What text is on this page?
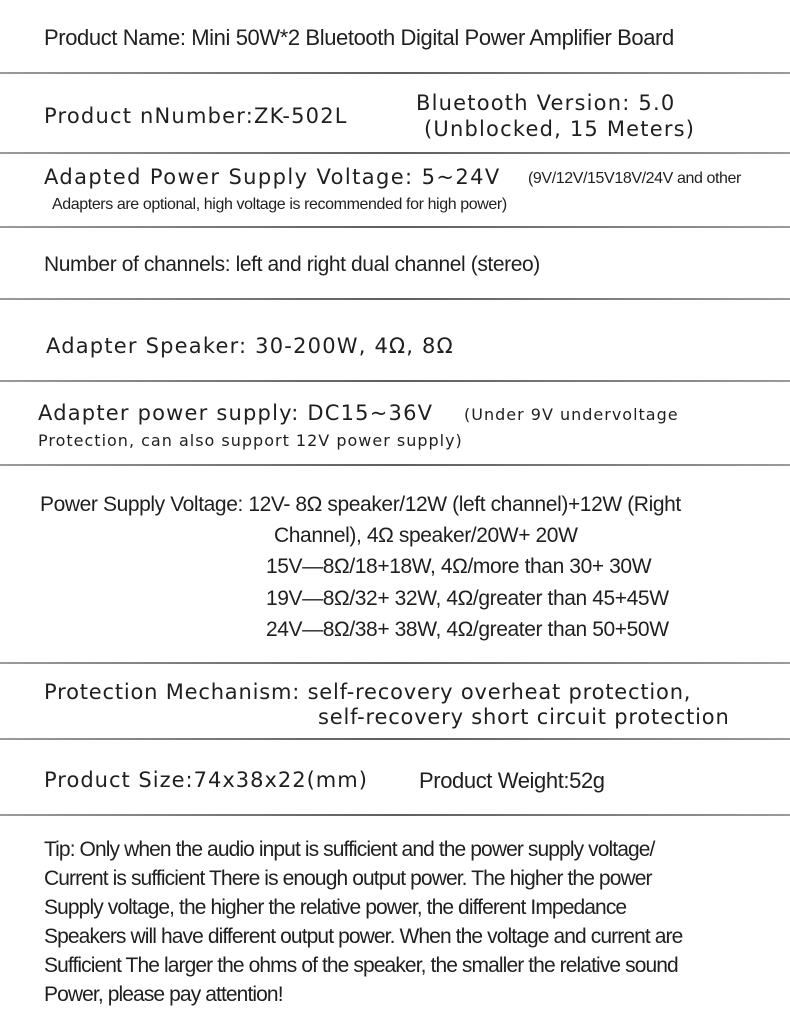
Product Name: Mini 50W*2 Bluetooth Digital Power Amplifier Board
Product nNumber:ZK-502L
Bluetooth Version: 5.0
(Unblocked, 15 Meters)
Adapted Power Supply Voltage: 5~24V (9V/12V/15V18V/24V and other
Adapters are optional, high voltage is recommended for high power)
Number of channels: left and right dual channel (stereo)
Adapter Speaker: 30-200W, 4Ω, 8Ω
Adapter power supply: DC15~36V (Under 9V undervoltage
Protection, can also support 12V power supply)
Power Supply Voltage: 12V- 8Ω speaker/12W (left channel)+12W (Right
Channel), 4Ω speaker/20W+ 20W
15V—8Ω/18+18W, 4Ω/more than 30+ 30W
19V—8Ω/32+ 32W, 4Ω/greater than 45+45W
24V—8Ω/38+ 38W, 4Ω/greater than 50+50W
Protection Mechanism: self-recovery overheat protection,
self-recovery short circuit protection
Product Size:74x38x22(mm) Product Weight:52g
Tip: Only when the audio input is sufficient and the power supply voltage/
Current is sufficient There is enough output power. The higher the power
Supply voltage, the higher the relative power, the different Impedance
Speakers will have different output power. When the voltage and current are
Sufficient The larger the ohms of the speaker, the smaller the relative sound
Power, please pay attention!
